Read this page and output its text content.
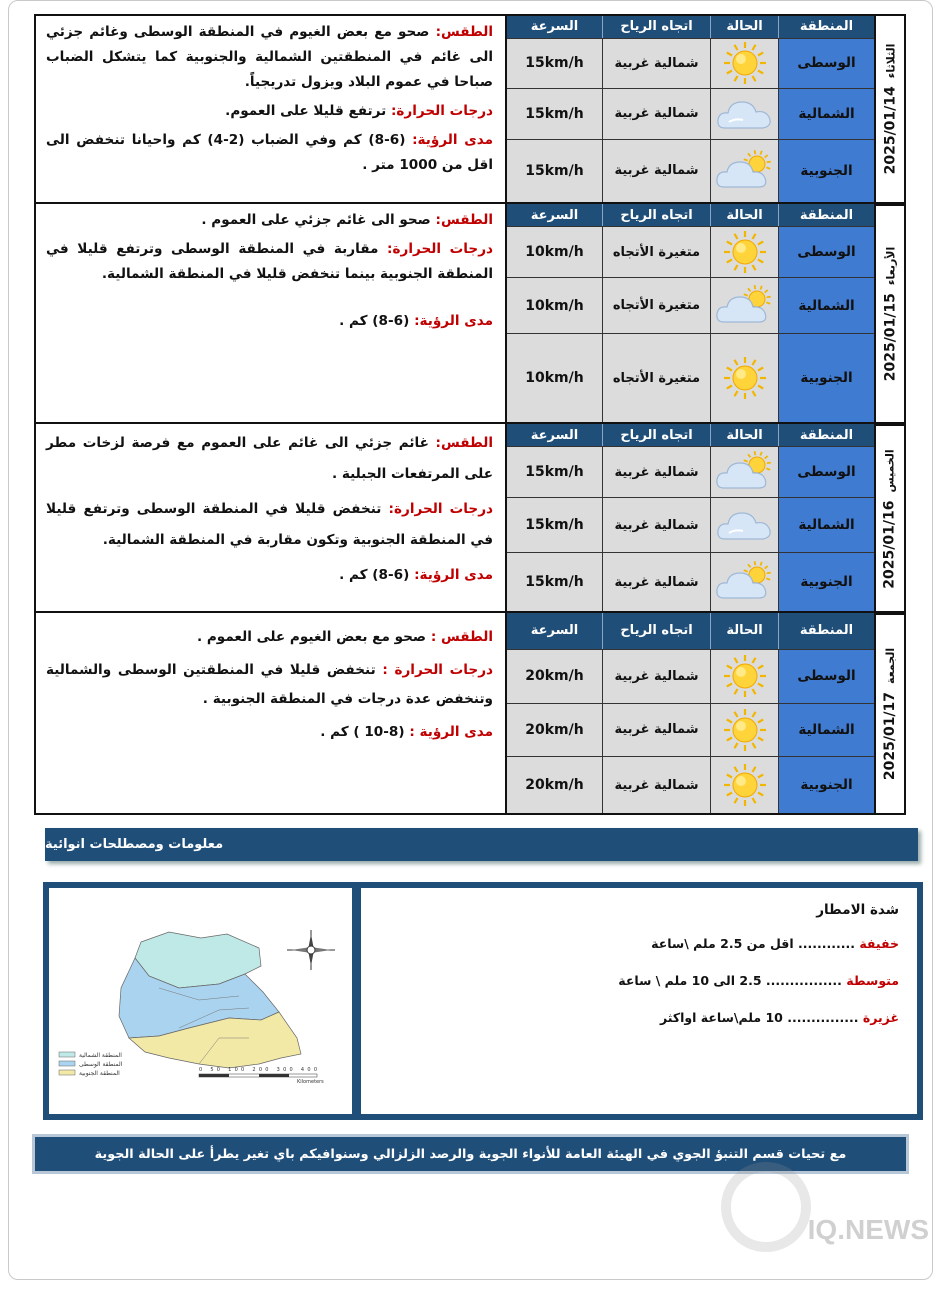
الطقس: صحو مع بعض الغيوم في المنطقة الوسطى وغائم جزئي الى غائم في المنطقتين الشمالية والجنوبية كما يتشكل الضباب صباحا في عموم البلاد ويزول تدريجياً.

درجات الحرارة: ترتفع قليلا على العموم.

مدى الرؤية: (6-8) كم وفي الضباب (2-4) كم واحيانا تنخفض الى اقل من 1000 متر .

السرعة	اتجاه الرياح	الحالة	المنطقة
15km/h	شمالية غربية	الوسطى
15km/h	شمالية غربية	الشمالية
15km/h	شمالية غربية	الجنوبية	2025/01/14الثلاثاء

الطقس: صحو الى غائم جزئي على العموم .

درجات الحرارة: مقاربة في المنطقة الوسطى وترتفع قليلا في المنطقة الجنوبية بينما تنخفض قليلا في المنطقة الشمالية.

مدى الرؤية: (6-8) كم .

السرعة	اتجاه الرياح	الحالة	المنطقة
10km/h	متغيرة الأتجاه	الوسطى
10km/h	متغيرة الأتجاه	الشمالية
10km/h	متغيرة الأتجاه	الجنوبية	2025/01/15الأربعاء

الطقس: غائم جزئي الى غائم على العموم مع فرصة لزخات مطر على المرتفعات الجبلية .

درجات الحرارة: تنخفض قليلا في المنطقة الوسطى وترتفع قليلا في المنطقة الجنوبية وتكون مقاربة في المنطقة الشمالية.

مدى الرؤية: (6-8) كم .

السرعة	اتجاه الرياح	الحالة	المنطقة
15km/h	شمالية غربية	الوسطى
15km/h	شمالية غربية	الشمالية
15km/h	شمالية غربية	الجنوبية	2025/01/16الخميس

الطقس : صحو مع بعض الغيوم على العموم .

درجات الحرارة : تنخفض قليلا في المنطقتين الوسطى والشمالية وتنخفض عدة درجات في المنطقة الجنوبية .

مدى الرؤية : (8-10 ) كم .

السرعة	اتجاه الرياح	الحالة	المنطقة
20km/h	شمالية غربية	الوسطى
20km/h	شمالية غربية	الشمالية
20km/h	شمالية غربية	الجنوبية
2025/01/17الجمعة
معلومات ومصطلحات انوائية
المنطقة الشمالية
المنطقة الوسطى
المنطقة الجنوبية	0 50 100 200 300 400
Kilometers
شدة الامطار
خفيفة ............ اقل من 2.5 ملم \ساعة
متوسطة ................ 2.5 الى 10 ملم \ ساعة
غزيرة ............... 10 ملم\ساعة اواكثر
مع تحيات قسم التنبؤ الجوي في الهيئة العامة للأنواء الجوية والرصد الزلزالي وسنوافيكم باي تغير يطرأ على الحالة الجوية
IQ.NEWS
